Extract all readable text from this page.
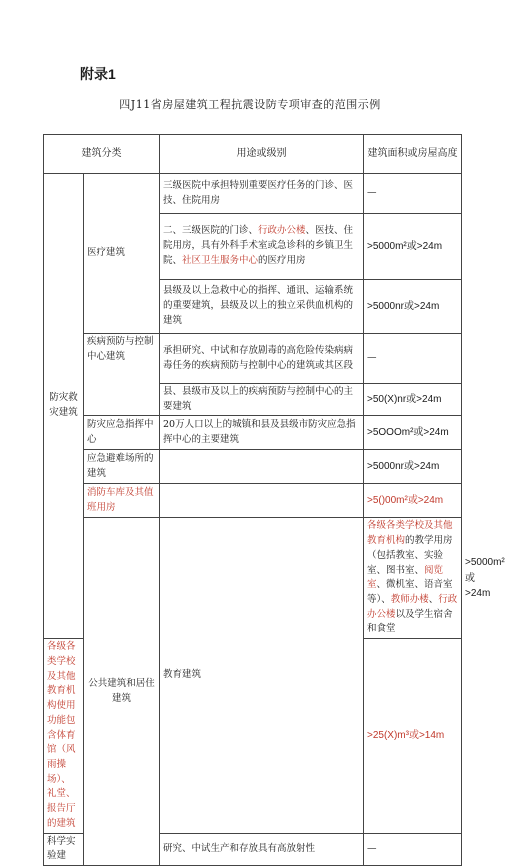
附录1
四J11省房屋建筑工程抗震设防专项审查的范围示例
建筑分类		用途或级别	建筑面积或房屋高度	
防灾救灾建筑	医疗建筑	三级医院中承担特别重要医疗任务的门诊、医技、住院用房	—	
		二、三级医院的门诊、行政办公楼、医技、住院用房，具有外科手术室或急诊科的乡镇卫生院、社区卫生服务中心的医疗用房	>5000m²或>24m	
		县级及以上急救中心的指挥、通讯、运输系统的重要建筑，县级及以上的独立采供血机构的建筑	>5000nr或>24m	
	疾病预防与控制中心建筑	承担研究、中试和存放剧毒的高危险传染病病毒任务的疾病预防与控制中心的建筑或其区段	—	
		县、县级市及以上的疾病预防与控制中心的主要建筑	>50(X)nr或>24m	
	防灾应急指挥中心	20万人口以上的城镇和县及县级市防灾应急指挥中心的主要建筑	>5OOOm²或>24m	
	应急避难场所的建筑		>5000nr或>24m	
	消防车库及其值班用房		>5()00m²或>24m	
	公共建筑和居住建筑	教育建筑	各级各类学校及其他教育机构的教学用房（包括教室、实验室、图书室、阅览室、微机室、语音室等）、教师办楼、行政办公楼以及学生宿舍和食堂	>5000m²或>24m
各级各类学校及其他教育机构使用功能包含体育馆（风雨操场）、礼堂、报告厅的建筑			>25(X)m³或>14m	
科学实验建		研究、中试生产和存放具有高放射性	—	
